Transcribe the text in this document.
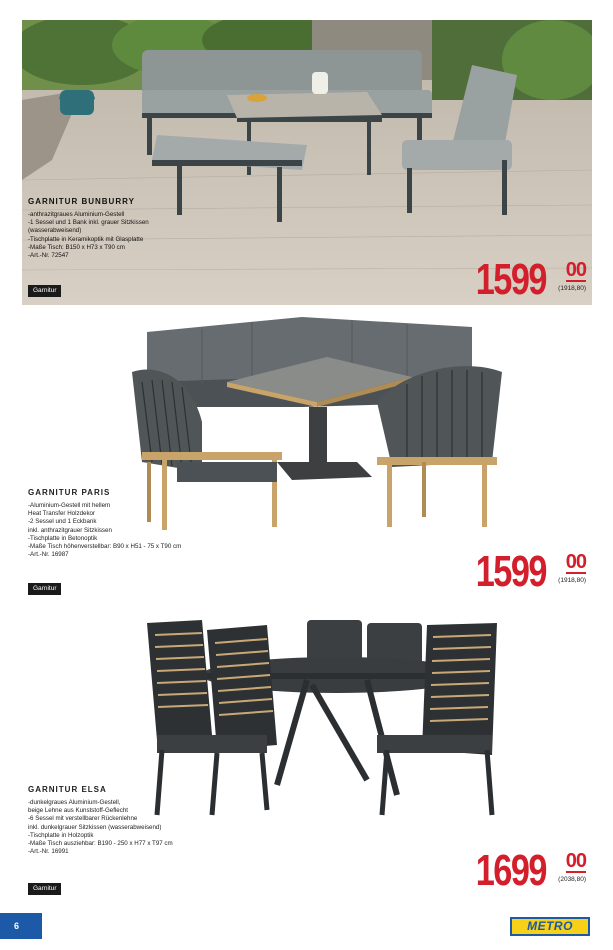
GARNITUR BUNBURRY
-anthrazitgraues Aluminium-Gestell
-1 Sessel und 1 Bank inkl. grauer Sitzkissen
(wasserabweisend)
-Tischplatte in Keramikoptik mit Glasplatte
-Maße Tisch: B150 x H73 x T90 cm
-Art.-Nr. 72547
Garnitur	1599 00
(1918,80)
GARNITUR PARIS
-Aluminium-Gestell mit hellem
Heat Transfer Holzdekor
-2 Sessel und 1 Eckbank
inkl. anthrazitgrauer Sitzkissen
-Tischplatte in Betonoptik
-Maße Tisch höhenverstellbar: B90 x H51 - 75 x T90 cm
-Art.-Nr. 16987
Garnitur	1599 00
(1918,80)
GARNITUR ELSA
-dunkelgraues Aluminium-Gestell,
beige Lehne aus Kunststoff-Geflecht
-6 Sessel mit verstellbarer Rückenlehne
inkl. dunkelgrauer Sitzkissen (wasserabweisend)
-Tischplatte in Holzoptik
-Maße Tisch ausziehbar: B190 - 250 x H77 x T97 cm
-Art.-Nr. 16991
Garnitur	1699 00
(2038,80)
6	METRO
